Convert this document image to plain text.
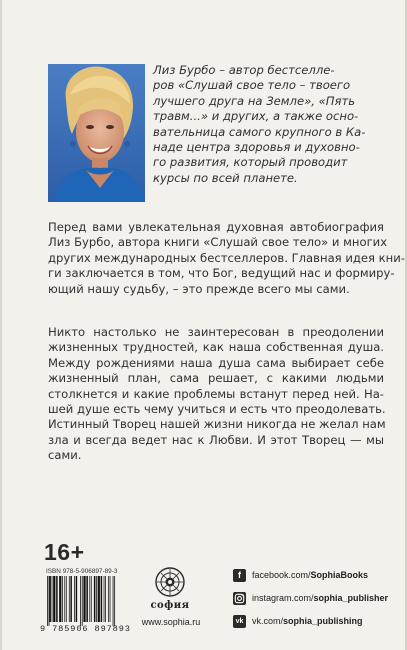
Лиз Бурбо – автор бестселле-
ров «Слушай свое тело – твоего
лучшего друга на Земле», «Пять
травм...» и других, а также осно-
вательница самого крупного в Ка-
наде центра здоровья и духовно-
го развития, который проводит
курсы по всей планете.
Перед вами увлекательная духовная автобиография
Лиз Бурбо, автора книги «Слушай свое тело» и многих
других международных бестселлеров. Главная идея кни-
ги заключается в том, что Бог, ведущий нас и формиру-
ющий нашу судьбу, – это прежде всего мы сами.
Никто настолько не заинтересован в преодолении
жизненных трудностей, как наша собственная душа.
Между рождениями наша душа сама выбирает себе
жизненный план, сама решает, с какими людьми
столкнется и какие проблемы встанут перед ней. На-
шей душе есть чему учиться и есть что преодолевать.
Истинный Творец нашей жизни никогда не желал нам
зла и всегда ведет нас к Любви. И этот Творец — мы
сами.
16+
ISBN 978-5-906897-89-3
9 785906 897893
софия
www.sophia.ru
f	facebook.com/ SophiaBooks
instagram.com/ sophia_publisher
vk vk.com/ sophia_publishing
